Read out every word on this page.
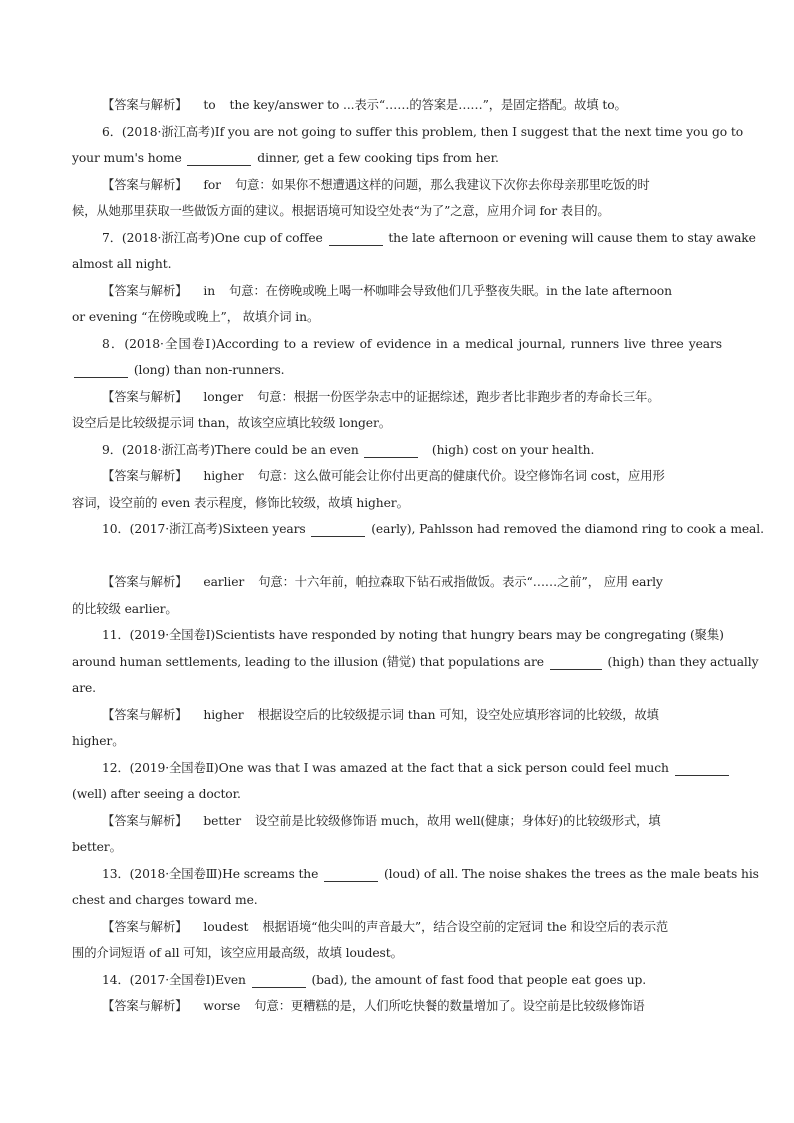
【答案与解析】 to the key/answer to ...表示“……的答案是……”，是固定搭配。故填 to。
6．(2018·浙江高考)If you are not going to suffer this problem, then I suggest that the next time you go to
your mum's home	dinner, get a few cooking tips from her.
【答案与解析】 for 句意：如果你不想遭遇这样的问题，那么我建议下次你去你母亲那里吃饭的时
候，从她那里获取一些做饭方面的建议。根据语境可知设空处表“为了”之意，应用介词 for 表目的。
7．(2018·浙江高考)One cup of coffee	the late afternoon or evening will cause them to stay awake
almost all night.
【答案与解析】 in 句意：在傍晚或晚上喝一杯咖啡会导致他们几乎整夜失眠。in the late afternoon
or evening “在傍晚或晚上”， 故填介词 in。
8．(2018·全国卷Ⅰ)According to a review of evidence in a medical journal, runners live three years
(long) than non-runners.
【答案与解析】 longer 句意：根据一份医学杂志中的证据综述，跑步者比非跑步者的寿命长三年。
设空后是比较级提示词 than，故该空应填比较级 longer。
9．(2018·浙江高考)There could be an even	(high) cost on your health.
【答案与解析】 higher 句意：这么做可能会让你付出更高的健康代价。设空修饰名词 cost，应用形
容词，设空前的 even 表示程度，修饰比较级，故填 higher。
10．(2017·浙江高考)Sixteen years	(early), Pahlsson had removed the diamond ring to cook a meal.
【答案与解析】 earlier 句意：十六年前，帕拉森取下钻石戒指做饭。表示“……之前”， 应用 early
的比较级 earlier。
11．(2019·全国卷Ⅰ)Scientists have responded by noting that hungry bears may be congregating (聚集)
around human settlements, leading to the illusion (错觉) that populations are	(high) than they actually
are.
【答案与解析】 higher 根据设空后的比较级提示词 than 可知，设空处应填形容词的比较级，故填
higher。
12．(2019·全国卷Ⅱ)One was that I was amazed at the fact that a sick person could feel much
(well) after seeing a doctor.
【答案与解析】 better 设空前是比较级修饰语 much，故用 well(健康；身体好)的比较级形式，填
better。
13．(2018·全国卷Ⅲ)He screams the	(loud) of all. The noise shakes the trees as the male beats his
chest and charges toward me.
【答案与解析】 loudest 根据语境“他尖叫的声音最大”，结合设空前的定冠词 the 和设空后的表示范
围的介词短语 of all 可知，该空应用最高级，故填 loudest。
14．(2017·全国卷Ⅰ)Even	(bad), the amount of fast food that people eat goes up.
【答案与解析】 worse 句意：更糟糕的是，人们所吃快餐的数量增加了。设空前是比较级修饰语
